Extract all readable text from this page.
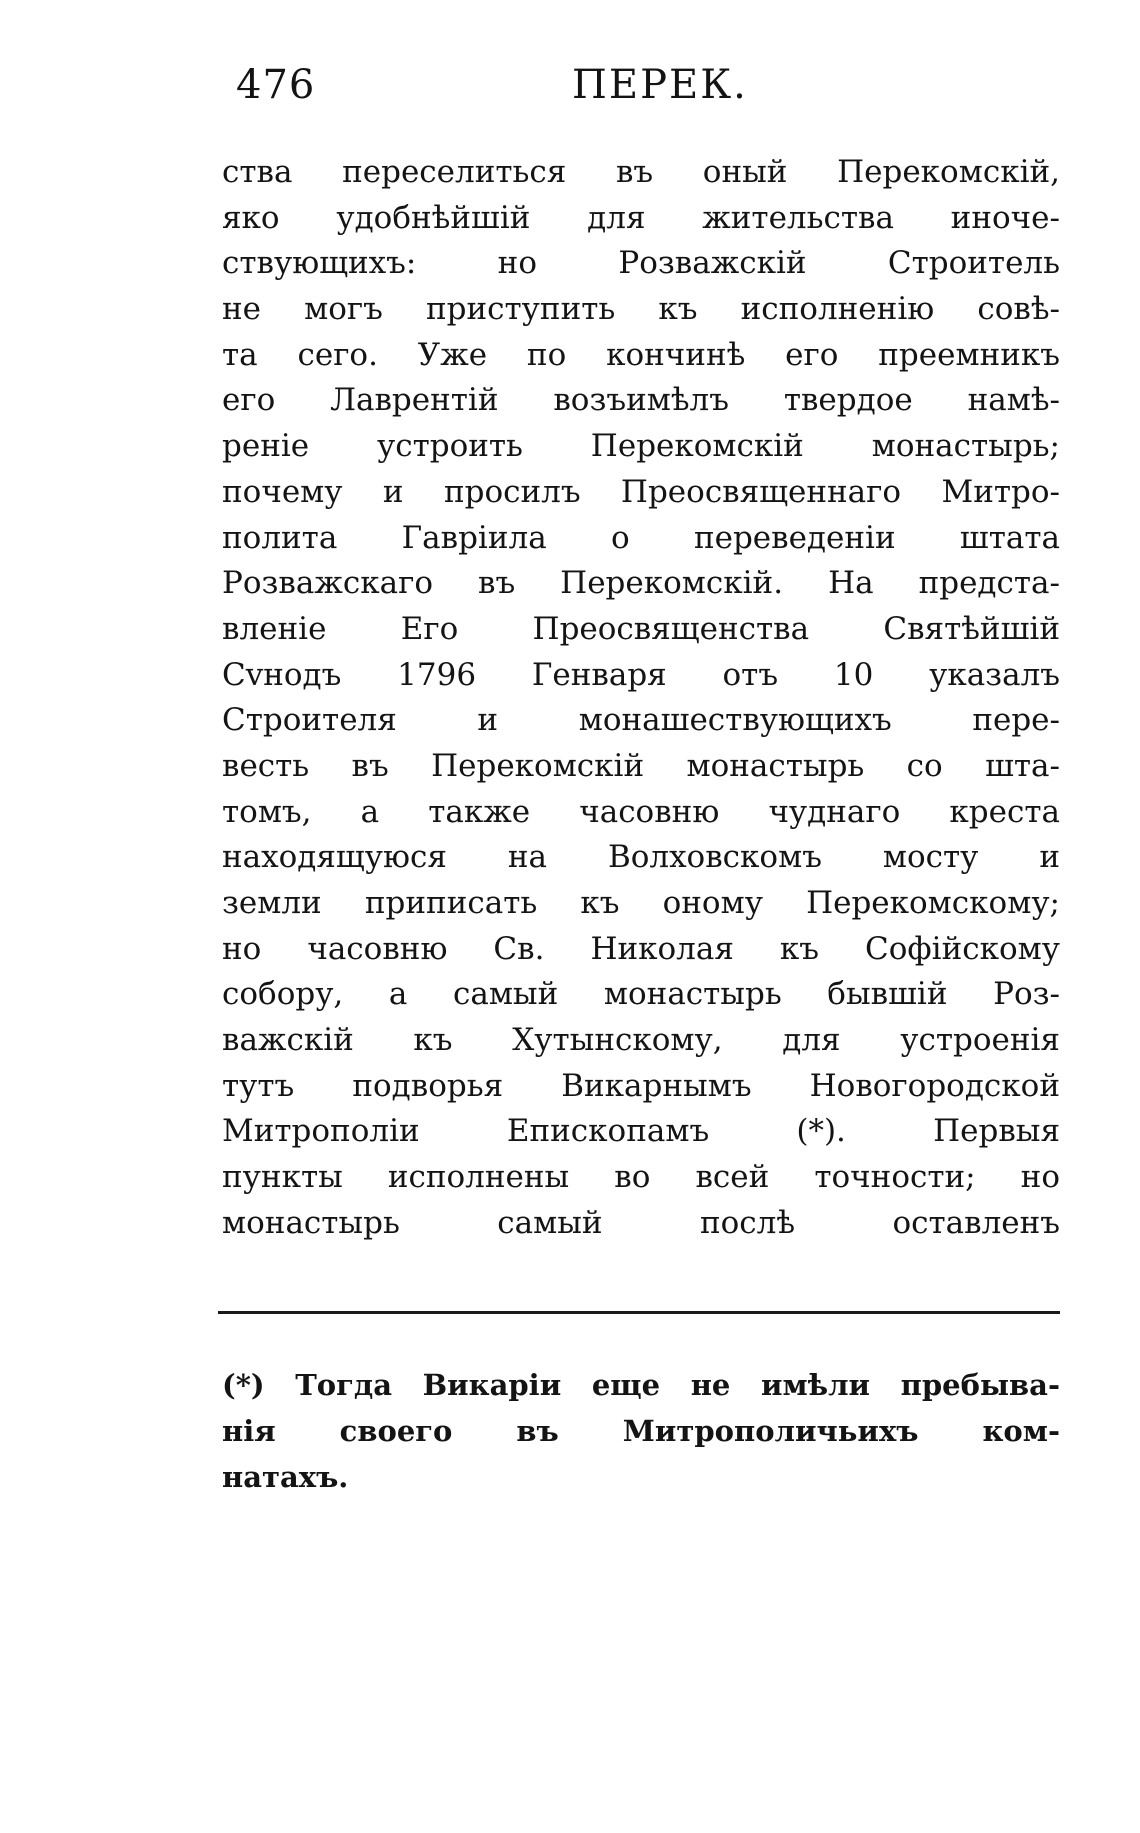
476	ПЕРЕК.
ства переселиться въ оный Перекомскій,
яко удобнѣйшій для жительства иноче-
ствующихъ: но Розважскій Строитель
не могъ приступить къ исполненію совѣ-
та сего. Уже по кончинѣ его преемникъ
его Лаврентій возъимѣлъ твердое намѣ-
реніе устроить Перекомскій монастырь;
почему и просилъ Преосвященнаго Митро-
полита Гавріила о переведеніи штата
Розважскаго въ Перекомскій. На предста-
вленіе Его Преосвященства Святѣйшій
Сvнодъ 1796 Генваря отъ 10 указалъ
Строителя и монашествующихъ пере-
весть въ Перекомскій монастырь со шта-
томъ, а также часовню чуднаго креста
находящуюся на Волховскомъ мосту и
земли приписать къ оному Перекомскому;
но часовню Св. Николая къ Софійскому
собору, а самый монастырь бывшій Роз-
важскій къ Хутынскому, для устроенія
тутъ подворья Викарнымъ Новогородской
Митрополіи Епископамъ (*). Первыя
пункты исполнены во всей точности; но
монастырь самый послѣ оставленъ
(*) Тогда Викаріи еще не имѣли пребыва-
нія своего въ Митрополичьихъ ком-
натахъ.
